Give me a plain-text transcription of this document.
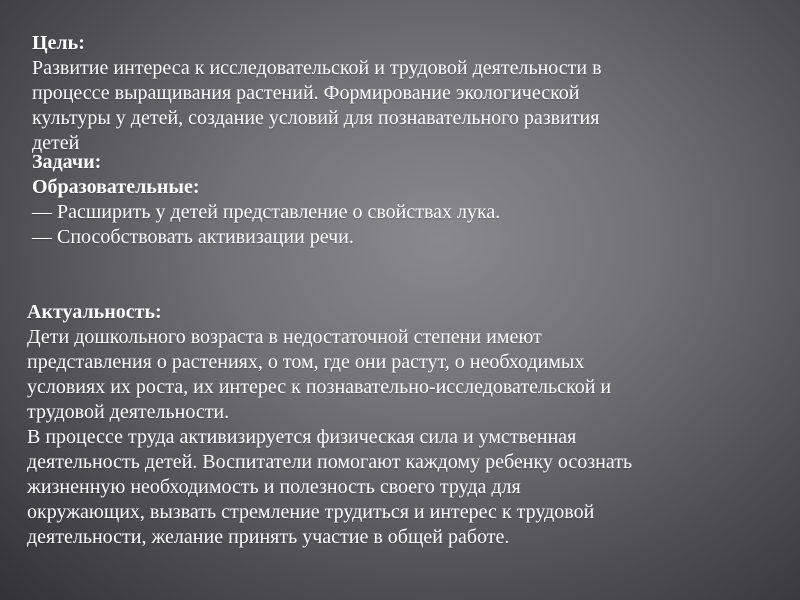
Цель:

Развитие интереса к исследовательской и трудовой деятельности в

процессе выращивания растений. Формирование экологической

культуры у детей, создание условий для познавательного развития

детей

Задачи:

Образовательные:

— Расширить у детей представление о свойствах лука.

— Способствовать активизации речи.

Актуальность:

Дети дошкольного возраста в недостаточной степени имеют

представления о растениях, о том, где они растут, о необходимых

условиях их роста, их интерес к познавательно-исследовательской и

трудовой деятельности.

В процессе труда активизируется физическая сила и умственная

деятельность детей. Воспитатели помогают каждому ребенку осознать

жизненную необходимость и полезность своего труда для

окружающих, вызвать стремление трудиться и интерес к трудовой

деятельности, желание принять участие в общей работе.
